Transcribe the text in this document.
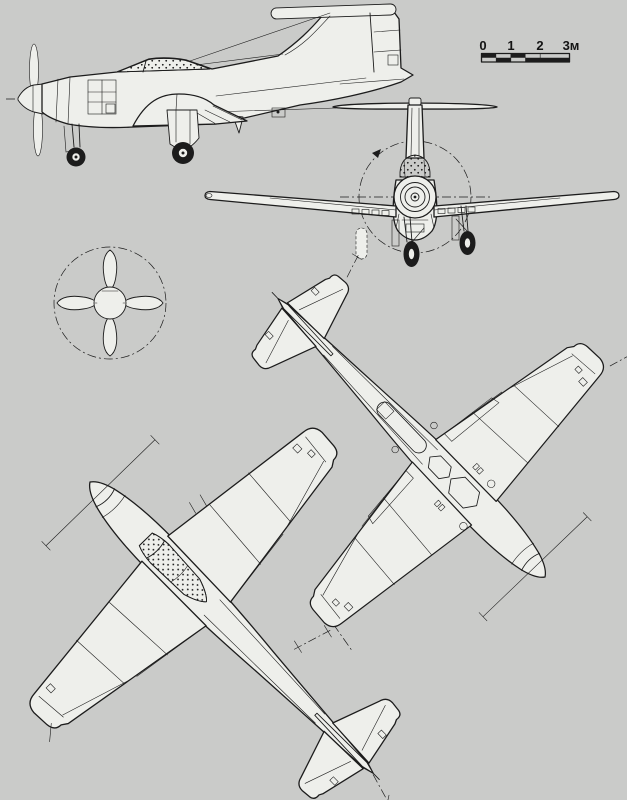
0 1 2 3м
